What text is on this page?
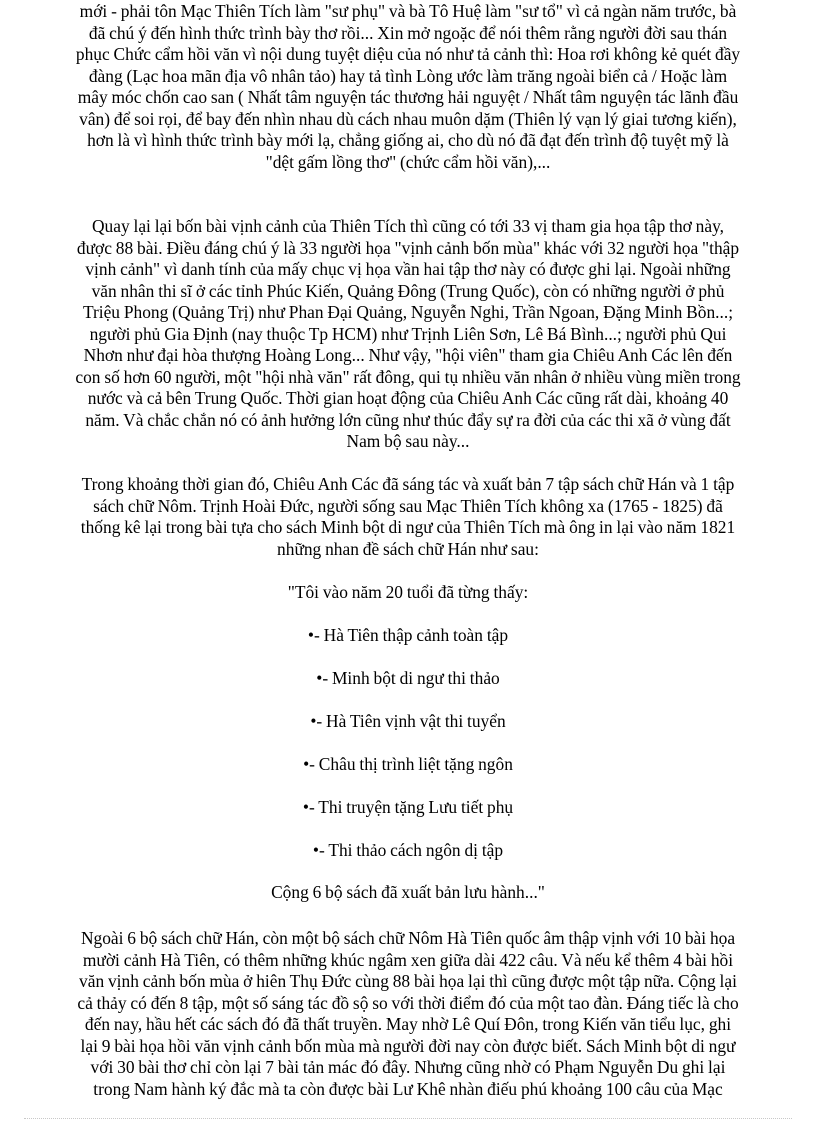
mới - phải tôn Mạc Thiên Tích làm "sư phụ" và bà Tô Huệ làm "sư tổ" vì cả ngàn năm trước, bà
đã chú ý đến hình thức trình bày thơ rồi... Xin mở ngoặc để nói thêm rằng người đời sau thán
phục Chức cẩm hồi văn vì nội dung tuyệt diệu của nó như tả cảnh thì: Hoa rơi không kẻ quét đầy
đàng (Lạc hoa mãn địa vô nhân tảo) hay tả tình Lòng ước làm trăng ngoài biển cả / Hoặc làm
mây móc chốn cao san ( Nhất tâm nguyện tác thương hải nguyệt / Nhất tâm nguyện tác lãnh đầu
vân) để soi rọi, để bay đến nhìn nhau dù cách nhau muôn dặm (Thiên lý vạn lý giai tương kiến),
hơn là vì hình thức trình bày mới lạ, chẳng giống ai, cho dù nó đã đạt đến trình độ tuyệt mỹ là
"dệt gấm lồng thơ" (chức cẩm hồi văn),...
Quay lại lại bốn bài vịnh cảnh của Thiên Tích thì cũng có tới 33 vị tham gia họa tập thơ này,
được 88 bài. Điều đáng chú ý là 33 người họa "vịnh cảnh bốn mùa" khác với 32 người họa "thập
vịnh cảnh" vì danh tính của mấy chục vị họa vần hai tập thơ này có được ghi lại. Ngoài những
văn nhân thi sĩ ở các tỉnh Phúc Kiến, Quảng Đông (Trung Quốc), còn có những người ở phủ
Triệu Phong (Quảng Trị) như Phan Đại Quảng, Nguyễn Nghi, Trần Ngoan, Đặng Minh Bồn...;
người phủ Gia Định (nay thuộc Tp HCM) như Trịnh Liên Sơn, Lê Bá Bình...; người phủ Qui
Nhơn như đại hòa thượng Hoàng Long... Như vậy, "hội viên" tham gia Chiêu Anh Các lên đến
con số hơn 60 người, một "hội nhà văn" rất đông, qui tụ nhiều văn nhân ở nhiều vùng miền trong
nước và cả bên Trung Quốc. Thời gian hoạt động của Chiêu Anh Các cũng rất dài, khoảng 40
năm. Và chắc chắn nó có ảnh hưởng lớn cũng như thúc đẩy sự ra đời của các thi xã ở vùng đất
Nam bộ sau này...
Trong khoảng thời gian đó, Chiêu Anh Các đã sáng tác và xuất bản 7 tập sách chữ Hán và 1 tập
sách chữ Nôm. Trịnh Hoài Đức, người sống sau Mạc Thiên Tích không xa (1765 - 1825) đã
thống kê lại trong bài tựa cho sách Minh bột di ngư của Thiên Tích mà ông in lại vào năm 1821
những nhan đề sách chữ Hán như sau:

"Tôi vào năm 20 tuổi đã từng thấy:

•- Hà Tiên thập cảnh toàn tập

•- Minh bột di ngư thi thảo

•- Hà Tiên vịnh vật thi tuyển

•- Châu thị trình liệt tặng ngôn

•- Thi truyện tặng Lưu tiết phụ

•- Thi thảo cách ngôn dị tập

Cộng 6 bộ sách đã xuất bản lưu hành..."

Ngoài 6 bộ sách chữ Hán, còn một bộ sách chữ Nôm Hà Tiên quốc âm thập vịnh với 10 bài họa
mười cảnh Hà Tiên, có thêm những khúc ngâm xen giữa dài 422 câu. Và nếu kể thêm 4 bài hồi
văn vịnh cảnh bốn mùa ở hiên Thụ Đức cùng 88 bài họa lại thì cũng được một tập nữa. Cộng lại
cả thảy có đến 8 tập, một số sáng tác đồ sộ so với thời điểm đó của một tao đàn. Đáng tiếc là cho
đến nay, hầu hết các sách đó đã thất truyền. May nhờ Lê Quí Đôn, trong Kiến văn tiểu lục, ghi
lại 9 bài họa hồi văn vịnh cảnh bốn mùa mà người đời nay còn được biết. Sách Minh bột di ngư
với 30 bài thơ chỉ còn lại 7 bài tản mác đó đây. Nhưng cũng nhờ có Phạm Nguyễn Du ghi lại
trong Nam hành ký đắc mà ta còn được bài Lư Khê nhàn điếu phú khoảng 100 câu của Mạc
